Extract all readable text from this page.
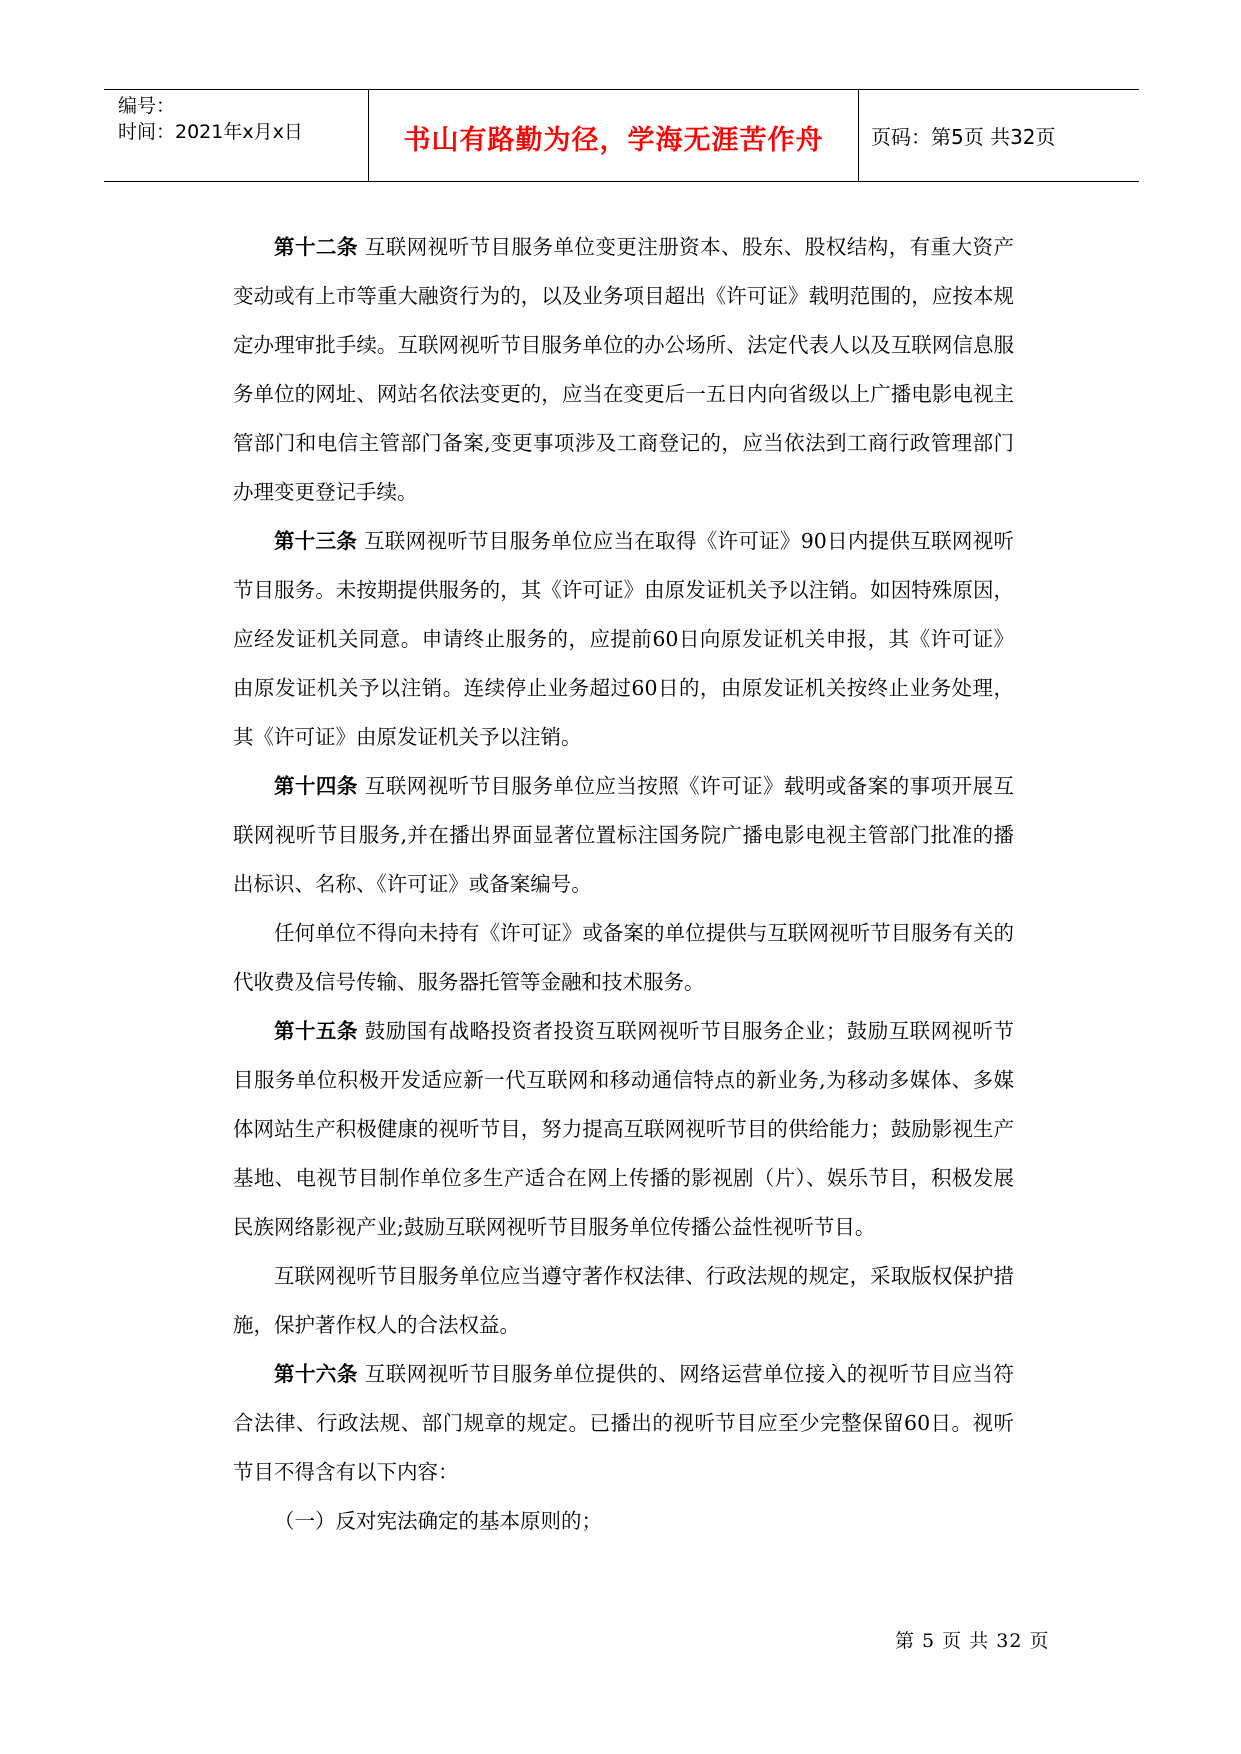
编号：
时间：2021年x月x日	书山有路勤为径，学海无涯苦作舟 页码：第5页 共32页

第十二条 互联网视听节目服务单位变更注册资本、股东、股权结构，有重大资产变动或有上市等重大融资行为的，以及业务项目超出《许可证》载明范围的，应按本规定办理审批手续。互联网视听节目服务单位的办公场所、法定代表人以及互联网信息服务单位的网址、网站名依法变更的，应当在变更后一五日内向省级以上广播电影电视主管部门和电信主管部门备案,变更事项涉及工商登记的，应当依法到工商行政管理部门办理变更登记手续。

第十三条 互联网视听节目服务单位应当在取得《许可证》90日内提供互联网视听节目服务。未按期提供服务的，其《许可证》由原发证机关予以注销。如因特殊原因，应经发证机关同意。申请终止服务的，应提前60日向原发证机关申报，其《许可证》由原发证机关予以注销。连续停止业务超过60日的，由原发证机关按终止业务处理，其《许可证》由原发证机关予以注销。

第十四条 互联网视听节目服务单位应当按照《许可证》载明或备案的事项开展互联网视听节目服务,并在播出界面显著位置标注国务院广播电影电视主管部门批准的播出标识、名称、《许可证》或备案编号。

任何单位不得向未持有《许可证》或备案的单位提供与互联网视听节目服务有关的代收费及信号传输、服务器托管等金融和技术服务。

第十五条 鼓励国有战略投资者投资互联网视听节目服务企业；鼓励互联网视听节目服务单位积极开发适应新一代互联网和移动通信特点的新业务,为移动多媒体、多媒体网站生产积极健康的视听节目，努力提高互联网视听节目的供给能力；鼓励影视生产基地、电视节目制作单位多生产适合在网上传播的影视剧（片）、娱乐节目，积极发展民族网络影视产业;鼓励互联网视听节目服务单位传播公益性视听节目。

互联网视听节目服务单位应当遵守著作权法律、行政法规的规定，采取版权保护措施，保护著作权人的合法权益。

第十六条 互联网视听节目服务单位提供的、网络运营单位接入的视听节目应当符合法律、行政法规、部门规章的规定。已播出的视听节目应至少完整保留60日。视听节目不得含有以下内容：

（一）反对宪法确定的基本原则的；

第 5 页 共 32 页
